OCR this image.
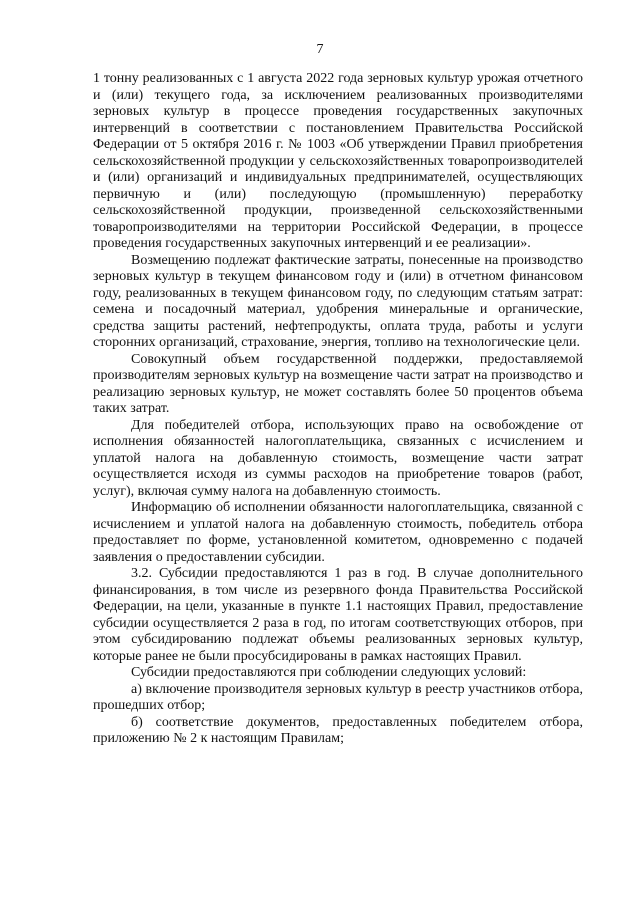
7

1 тонну реализованных с 1 августа 2022 года зерновых культур урожая отчетного и (или) текущего года, за исключением реализованных производителями зерновых культур в процессе проведения государственных закупочных интервенций в соответствии с постановлением Правительства Российской Федерации от 5 октября 2016 г. № 1003 «Об утверждении Правил приобретения сельскохозяйственной продукции у сельскохозяйственных товаропроизводителей и (или) организаций и индивидуальных предпринимателей, осуществляющих первичную и (или) последующую (промышленную) переработку сельскохозяйственной продукции, произведенной сельскохозяйственными товаропроизводителями на территории Российской Федерации, в процессе проведения государственных закупочных интервенций и ее реализации».

Возмещению подлежат фактические затраты, понесенные на производство зерновых культур в текущем финансовом году и (или) в отчетном финансовом году, реализованных в текущем финансовом году, по следующим статьям затрат: семена и посадочный материал, удобрения минеральные и органические, средства защиты растений, нефтепродукты, оплата труда, работы и услуги сторонних организаций, страхование, энергия, топливо на технологические цели.

Совокупный объем государственной поддержки, предоставляемой производителям зерновых культур на возмещение части затрат на производство и реализацию зерновых культур, не может составлять более 50 процентов объема таких затрат.

Для победителей отбора, использующих право на освобождение от исполнения обязанностей налогоплательщика, связанных с исчислением и уплатой налога на добавленную стоимость, возмещение части затрат осуществляется исходя из суммы расходов на приобретение товаров (работ, услуг), включая сумму налога на добавленную стоимость.

Информацию об исполнении обязанности налогоплательщика, связанной с исчислением и уплатой налога на добавленную стоимость, победитель отбора предоставляет по форме, установленной комитетом, одновременно с подачей заявления о предоставлении субсидии.

3.2. Субсидии предоставляются 1 раз в год. В случае дополнительного финансирования, в том числе из резервного фонда Правительства Российской Федерации, на цели, указанные в пункте 1.1 настоящих Правил, предоставление субсидии осуществляется 2 раза в год, по итогам соответствующих отборов, при этом субсидированию подлежат объемы реализованных зерновых культур, которые ранее не были просубсидированы в рамках настоящих Правил.

Субсидии предоставляются при соблюдении следующих условий:

а) включение производителя зерновых культур в реестр участников отбора, прошедших отбор;

б) соответствие документов, предоставленных победителем отбора, приложению № 2 к настоящим Правилам;
